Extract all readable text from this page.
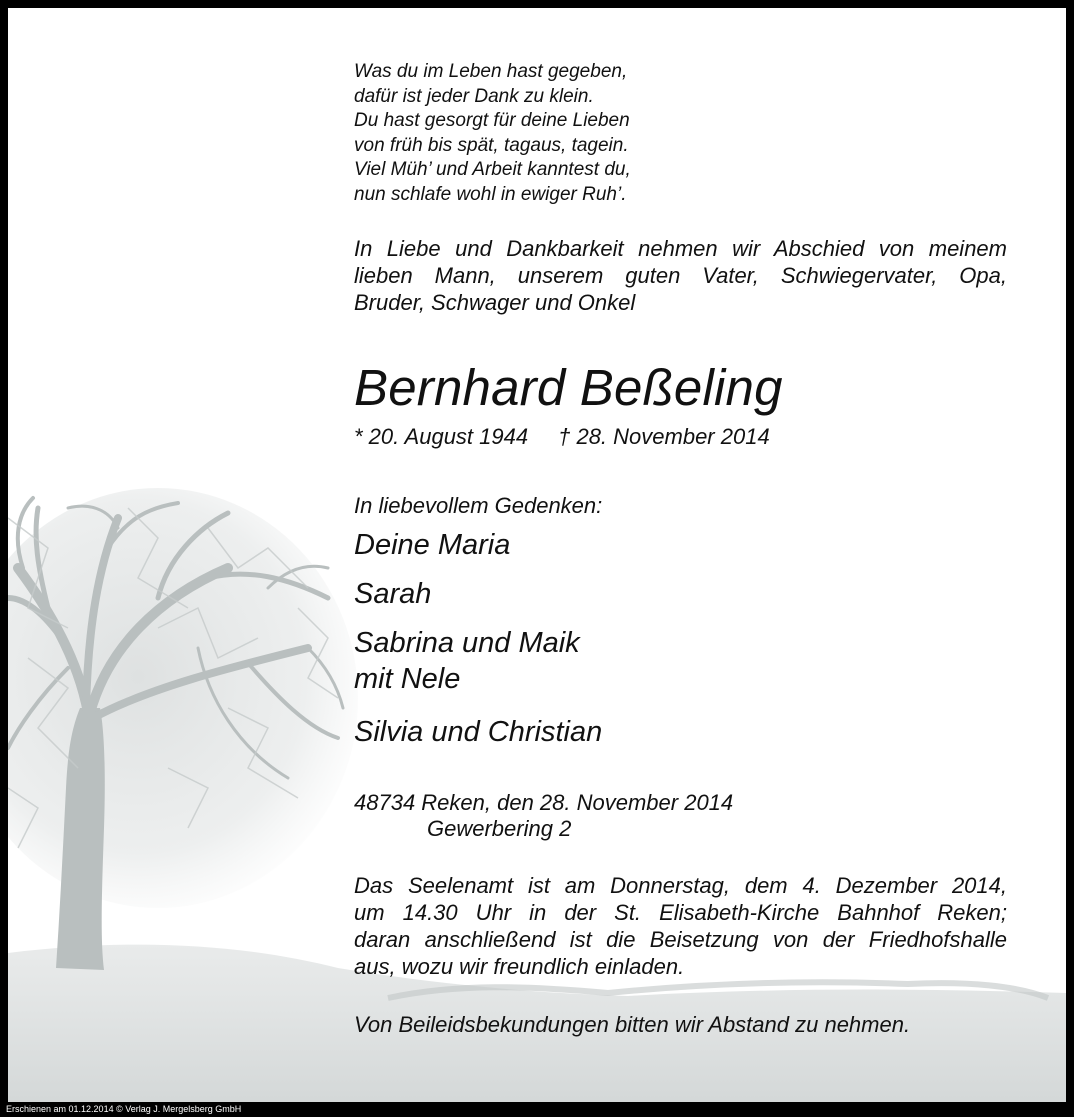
Was du im Leben hast gegeben,
dafür ist jeder Dank zu klein.
Du hast gesorgt für deine Lieben
von früh bis spät, tagaus, tagein.
Viel Müh’ und Arbeit kanntest du,
nun schlafe wohl in ewiger Ruh’.
In Liebe und Dankbarkeit nehmen wir Abschied von meinem
lieben Mann, unserem guten Vater, Schwiegervater, Opa,
Bruder, Schwager und Onkel
Bernhard Beßeling
* 20. August 1944 † 28. November 2014
In liebevollem Gedenken:
Deine Maria
Sarah
Sabrina und Maik
mit Nele
Silvia und Christian
48734 Reken, den 28. November 2014
Gewerbering 2
Das Seelenamt ist am Donnerstag, dem 4. Dezember 2014,
um 14.30 Uhr in der St. Elisabeth-Kirche Bahnhof Reken;
daran anschließend ist die Beisetzung von der Friedhofshalle
aus, wozu wir freundlich einladen.
Von Beileidsbekundungen bitten wir Abstand zu nehmen.
Erschienen am 01.12.2014 © Verlag J. Mergelsberg GmbH
